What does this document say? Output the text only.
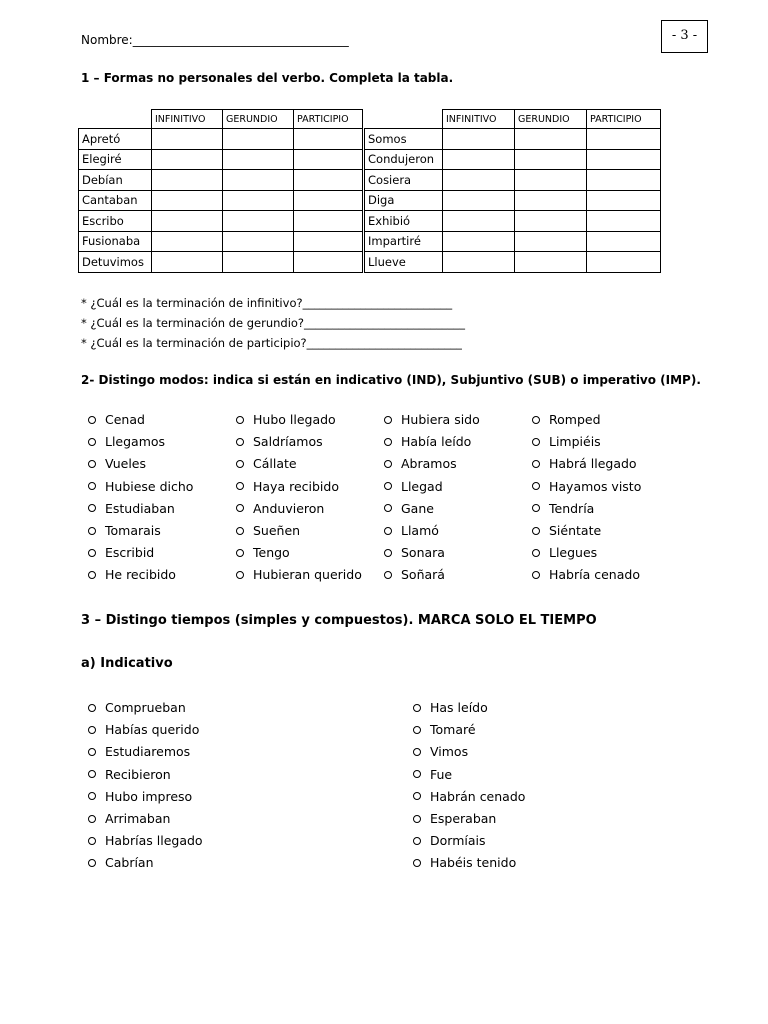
Nombre:____________________________________	- 3 -
1 – Formas no personales del verbo. Completa la tabla.
	INFINITIVO	GERUNDIO	PARTICIPIO
Apretó			
Elegiré			
Debían			
Cantaban			
Escribo			
Fusionaba			
Detuvimos			
	INFINITIVO	GERUNDIO	PARTICIPIO
Somos			
Condujeron			
Cosiera			
Diga			
Exhibió			
Impartiré			
Llueve			
* ¿Cuál es la terminación de infinitivo?__________________________
* ¿Cuál es la terminación de gerundio?____________________________
* ¿Cuál es la terminación de participio?___________________________
2- Distingo modos: indica si están en indicativo (IND), Subjuntivo (SUB) o imperativo (IMP).
Cenad
Llegamos
Vueles
Hubiese dicho
Estudiaban
Tomarais
Escribid
He recibido
Hubo llegado
Saldríamos
Cállate
Haya recibido
Anduvieron
Sueñen
Tengo
Hubieran querido
Hubiera sido
Había leído
Abramos
Llegad
Gane
Llamó
Sonara
Soñará
Romped
Limpiéis
Habrá llegado
Hayamos visto
Tendría
Siéntate
Llegues
Habría cenado
3 – Distingo tiempos (simples y compuestos). MARCA SOLO EL TIEMPO
a) Indicativo
Comprueban
Habías querido
Estudiaremos
Recibieron
Hubo impreso
Arrimaban
Habrías llegado
Cabrían
Has leído
Tomaré
Vimos
Fue
Habrán cenado
Esperaban
Dormíais
Habéis tenido
